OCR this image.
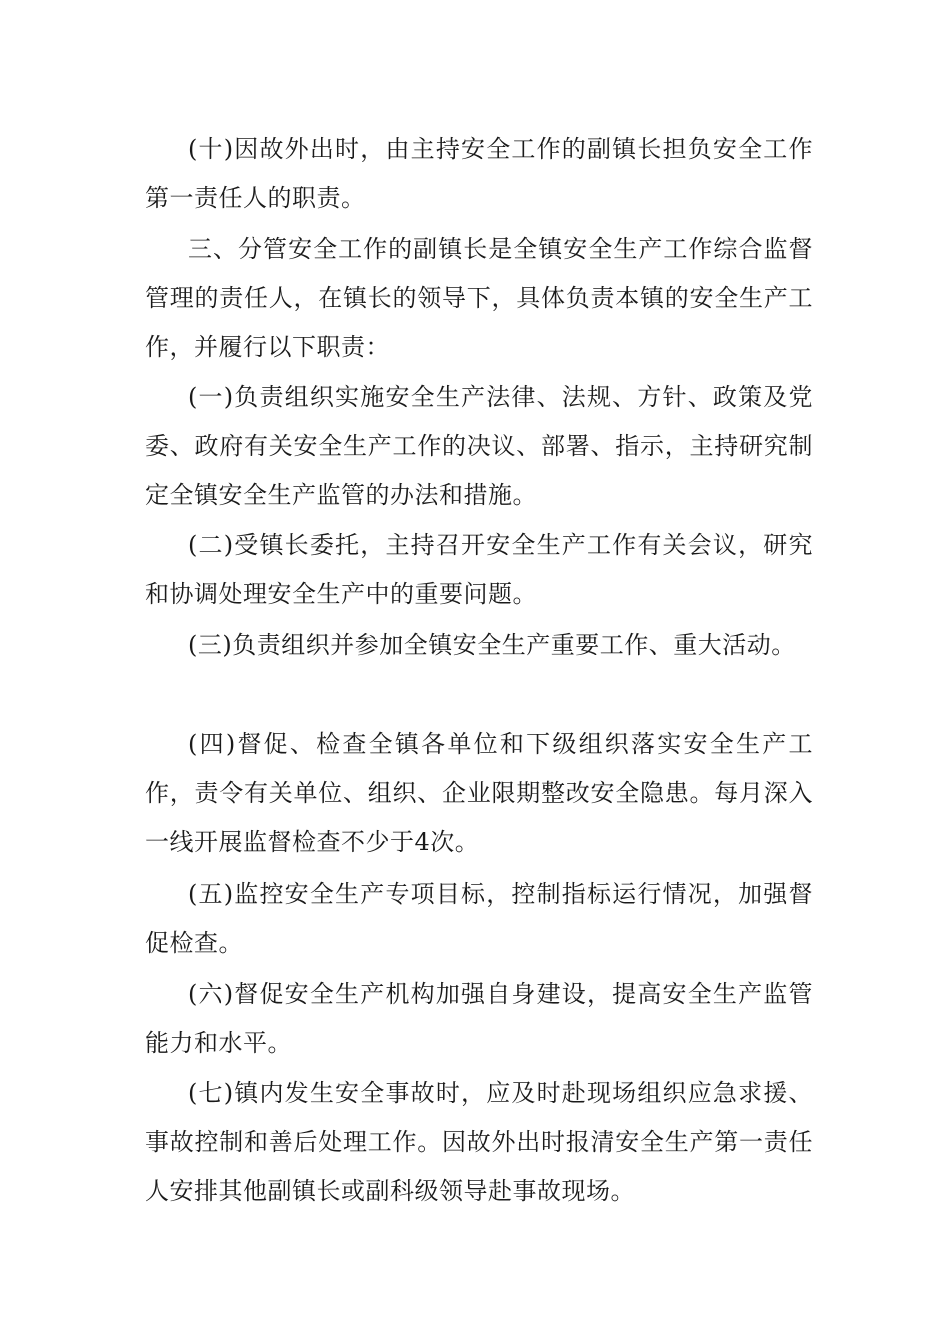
(十)因故外出时，由主持安全工作的副镇长担负安全工作第一责任人的职责。

三、分管安全工作的副镇长是全镇安全生产工作综合监督管理的责任人，在镇长的领导下，具体负责本镇的安全生产工作，并履行以下职责：

(一)负责组织实施安全生产法律、法规、方针、政策及党委、政府有关安全生产工作的决议、部署、指示，主持研究制定全镇安全生产监管的办法和措施。

(二)受镇长委托，主持召开安全生产工作有关会议，研究和协调处理安全生产中的重要问题。

(三)负责组织并参加全镇安全生产重要工作、重大活动。

(四)督促、检查全镇各单位和下级组织落实安全生产工作，责令有关单位、组织、企业限期整改安全隐患。每月深入一线开展监督检查不少于4次。

(五)监控安全生产专项目标，控制指标运行情况，加强督促检查。

(六)督促安全生产机构加强自身建设，提高安全生产监管能力和水平。

(七)镇内发生安全事故时，应及时赴现场组织应急求援、事故控制和善后处理工作。因故外出时报清安全生产第一责任人安排其他副镇长或副科级领导赴事故现场。
